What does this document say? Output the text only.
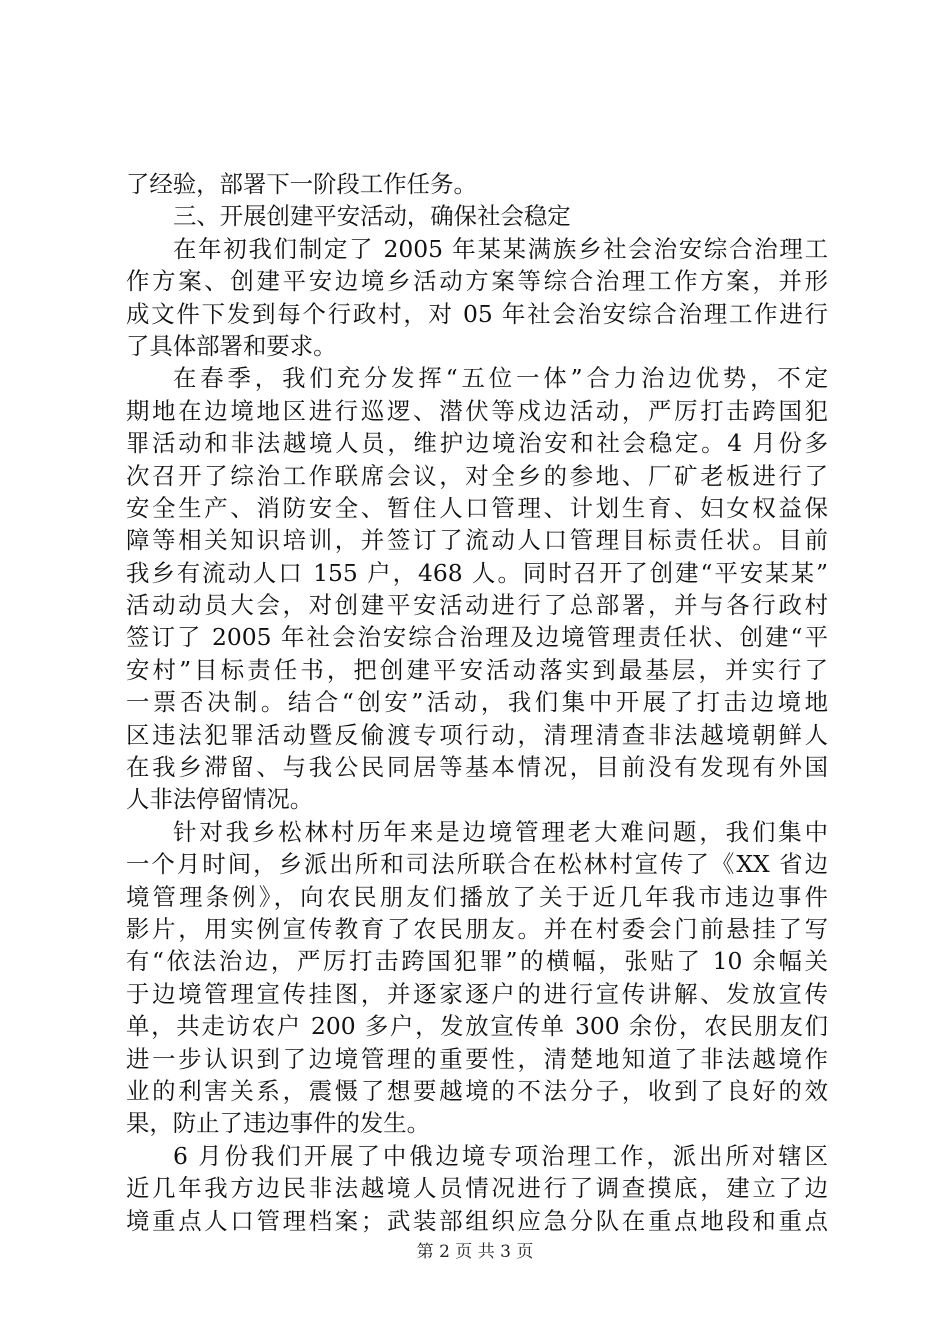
了经验，部署下一阶段工作任务。
三、开展创建平安活动，确保社会稳定
在年初我们制定了 2005 年某某满族乡社会治安综合治理工
作方案、创建平安边境乡活动方案等综合治理工作方案，并形
成文件下发到每个行政村，对 05 年社会治安综合治理工作进行
了具体部署和要求。
在春季，我们充分发挥“五位一体”合力治边优势，不定
期地在边境地区进行巡逻、潜伏等戍边活动，严厉打击跨国犯
罪活动和非法越境人员，维护边境治安和社会稳定。4 月份多
次召开了综治工作联席会议，对全乡的参地、厂矿老板进行了
安全生产、消防安全、暂住人口管理、计划生育、妇女权益保
障等相关知识培训，并签订了流动人口管理目标责任状。目前
我乡有流动人口 155 户，468 人。同时召开了创建“平安某某”
活动动员大会，对创建平安活动进行了总部署，并与各行政村
签订了 2005 年社会治安综合治理及边境管理责任状、创建“平
安村”目标责任书，把创建平安活动落实到最基层，并实行了
一票否决制。结合“创安”活动，我们集中开展了打击边境地
区违法犯罪活动暨反偷渡专项行动，清理清查非法越境朝鲜人
在我乡滞留、与我公民同居等基本情况，目前没有发现有外国
人非法停留情况。
针对我乡松林村历年来是边境管理老大难问题，我们集中
一个月时间，乡派出所和司法所联合在松林村宣传了《XX 省边
境管理条例》，向农民朋友们播放了关于近几年我市违边事件
影片，用实例宣传教育了农民朋友。并在村委会门前悬挂了写
有“依法治边，严厉打击跨国犯罪”的横幅，张贴了 10 余幅关
于边境管理宣传挂图，并逐家逐户的进行宣传讲解、发放宣传
单，共走访农户 200 多户，发放宣传单 300 余份，农民朋友们
进一步认识到了边境管理的重要性，清楚地知道了非法越境作
业的利害关系，震慑了想要越境的不法分子，收到了良好的效
果，防止了违边事件的发生。
6 月份我们开展了中俄边境专项治理工作，派出所对辖区
近几年我方边民非法越境人员情况进行了调查摸底，建立了边
境重点人口管理档案；武装部组织应急分队在重点地段和重点
第 2 页 共 3 页
